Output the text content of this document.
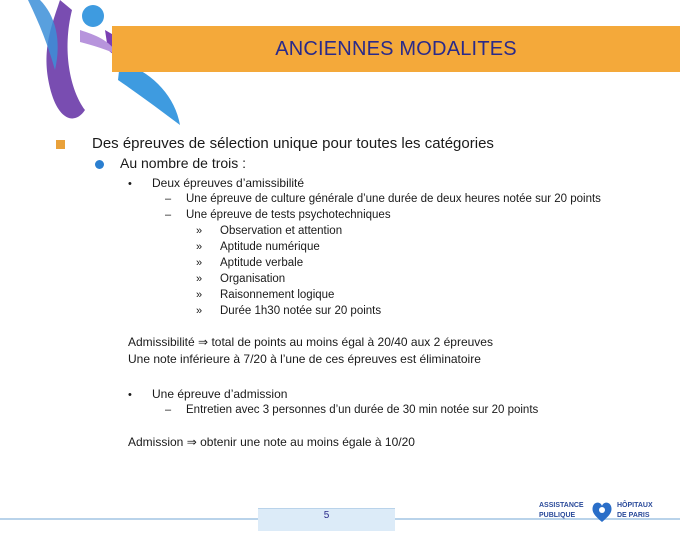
ANCIENNES MODALITES
Des épreuves de sélection unique pour toutes les catégories
Au nombre de trois :
• Deux épreuves d’amissibilité
– Une épreuve de culture générale d’une durée de deux heures notée sur 20 points
– Une épreuve de tests psychotechniques
» Observation et attention
» Aptitude numérique
» Aptitude verbale
» Organisation
» Raisonnement logique
» Durée 1h30 notée sur 20 points
Admissibilité ⇒ total de points au moins égal à 20/40 aux 2 épreuves
Une note inférieure à 7/20 à l’une de ces épreuves est éliminatoire
• Une épreuve d’admission
– Entretien avec 3 personnes d’un durée de 30 min notée sur 20 points
Admission ⇒ obtenir une note au moins égale à 10/20
5
ASSISTANCE
PUBLIQUE
HÔPITAUX
DE PARIS
